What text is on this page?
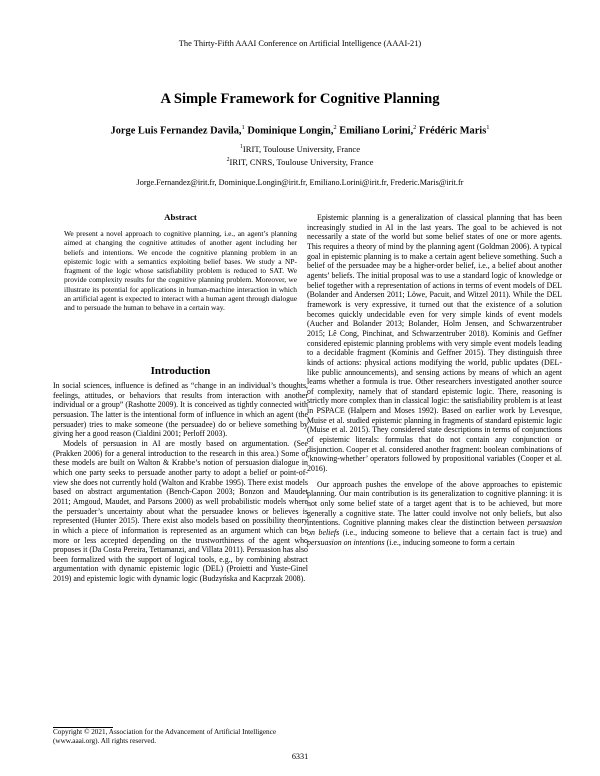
The Thirty-Fifth AAAI Conference on Artificial Intelligence (AAAI-21)
A Simple Framework for Cognitive Planning
Jorge Luis Fernandez Davila,$^1$ Dominique Longin,$^2$ Emiliano Lorini,$^2$ Frédéric Maris$^1$
$^1$IRIT, Toulouse University, France
$^2$IRIT, CNRS, Toulouse University, France
Jorge.Fernandez@irit.fr, Dominique.Longin@irit.fr, Emiliano.Lorini@irit.fr, Frederic.Maris@irit.fr
Abstract
We present a novel approach to cognitive planning, i.e., an agent’s planning aimed at changing the cognitive attitudes of another agent including her beliefs and intentions. We encode the cognitive planning problem in an epistemic logic with a semantics exploiting belief bases. We study a NP-fragment of the logic whose satisfiability problem is reduced to SAT. We provide complexity results for the cognitive planning problem. Moreover, we illustrate its potential for applications in human-machine interaction in which an artificial agent is expected to interact with a human agent through dialogue and to persuade the human to behave in a certain way.
Introduction

In social sciences, influence is defined as “change in an individual’s thoughts, feelings, attitudes, or behaviors that results from interaction with another individual or a group” (Rashotte 2009). It is conceived as tightly connected with persuasion. The latter is the intentional form of influence in which an agent (the persuader) tries to make someone (the persuadee) do or believe something by giving her a good reason (Cialdini 2001; Perloff 2003).

Models of persuasion in AI are mostly based on argumentation. (See (Prakken 2006) for a general introduction to the research in this area.) Some of these models are built on Walton & Krabbe’s notion of persuasion dialogue in which one party seeks to persuade another party to adopt a belief or point-of-view she does not currently hold (Walton and Krabbe 1995). There exist models based on abstract argumentation (Bench-Capon 2003; Bonzon and Maudet 2011; Amgoud, Maudet, and Parsons 2000) as well probabilistic models where the persuader’s uncertainty about what the persuadee knows or believes is represented (Hunter 2015). There exist also models based on possibility theory in which a piece of information is represented as an argument which can be more or less accepted depending on the trustworthiness of the agent who proposes it (Da Costa Pereira, Tettamanzi, and Villata 2011). Persuasion has also been formalized with the support of logical tools, e.g., by combining abstract argumentation with dynamic epistemic logic (DEL) (Proietti and Yuste-Ginel 2019) and epistemic logic with dynamic logic (Budzyńska and Kacprzak 2008).

Epistemic planning is a generalization of classical planning that has been increasingly studied in AI in the last years. The goal to be achieved is not necessarily a state of the world but some belief states of one or more agents. This requires a theory of mind by the planning agent (Goldman 2006). A typical goal in epistemic planning is to make a certain agent believe something. Such a belief of the persuadee may be a higher-order belief, i.e., a belief about another agents’ beliefs. The initial proposal was to use a standard logic of knowledge or belief together with a representation of actions in terms of event models of DEL (Bolander and Andersen 2011; Löwe, Pacuit, and Witzel 2011). While the DEL framework is very expressive, it turned out that the existence of a solution becomes quickly undecidable even for very simple kinds of event models (Aucher and Bolander 2013; Bolander, Holm Jensen, and Schwarzentruber 2015; Lê Cong, Pinchinat, and Schwarzentruber 2018). Kominis and Geffner considered epistemic planning problems with very simple event models leading to a decidable fragment (Kominis and Geffner 2015). They distinguish three kinds of actions: physical actions modifying the world, public updates (DEL-like public announcements), and sensing actions by means of which an agent learns whether a formula is true. Other researchers investigated another source of complexity, namely that of standard epistemic logic. There, reasoning is strictly more complex than in classical logic: the satisfiability problem is at least in PSPACE (Halpern and Moses 1992). Based on earlier work by Levesque, Muise et al. studied epistemic planning in fragments of standard epistemic logic (Muise et al. 2015). They considered state descriptions in terms of conjunctions of epistemic literals: formulas that do not contain any conjunction or disjunction. Cooper et al. considered another fragment: boolean combinations of ‘knowing-whether’ operators followed by propositional variables (Cooper et al. 2016).

Our approach pushes the envelope of the above approaches to epistemic planning. Our main contribution is its generalization to cognitive planning: it is not only some belief state of a target agent that is to be achieved, but more generally a cognitive state. The latter could involve not only beliefs, but also intentions. Cognitive planning makes clear the distinction between persuasion on beliefs (i.e., inducing someone to believe that a certain fact is true) and persuasion on intentions (i.e., inducing someone to form a certain

Copyright © 2021, Association for the Advancement of Artificial Intelligence (www.aaai.org). All rights reserved.
6331
